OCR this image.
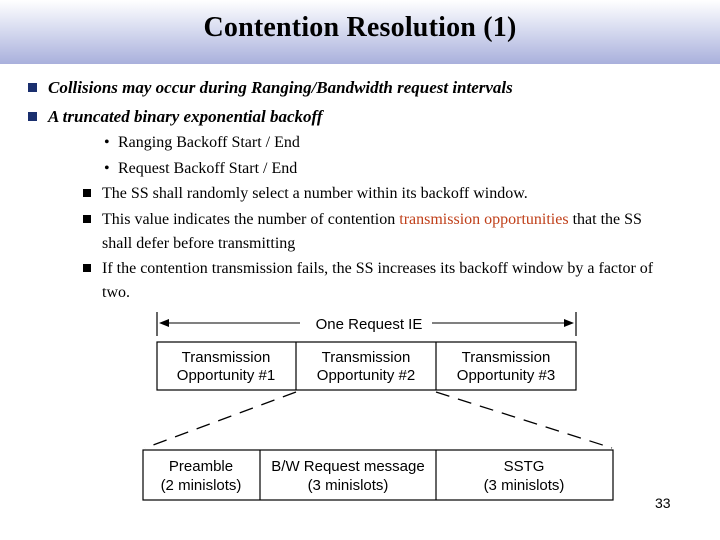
Contention Resolution (1)
Collisions may occur during Ranging/Bandwidth request intervals
A truncated binary exponential backoff
• Ranging Backoff Start / End
• Request Backoff Start / End
The SS shall randomly select a number within its backoff window.
This value indicates the number of contention transmission opportunities that the SS shall defer before transmitting
If the contention transmission fails, the SS increases its backoff window by a factor of two.
One Request IE
Transmission
Opportunity #1
Transmission
Opportunity #2
Transmission
Opportunity #3
Preamble
(2 minislots)
B/W Request message
(3 minislots)
SSTG
(3 minislots)
33
